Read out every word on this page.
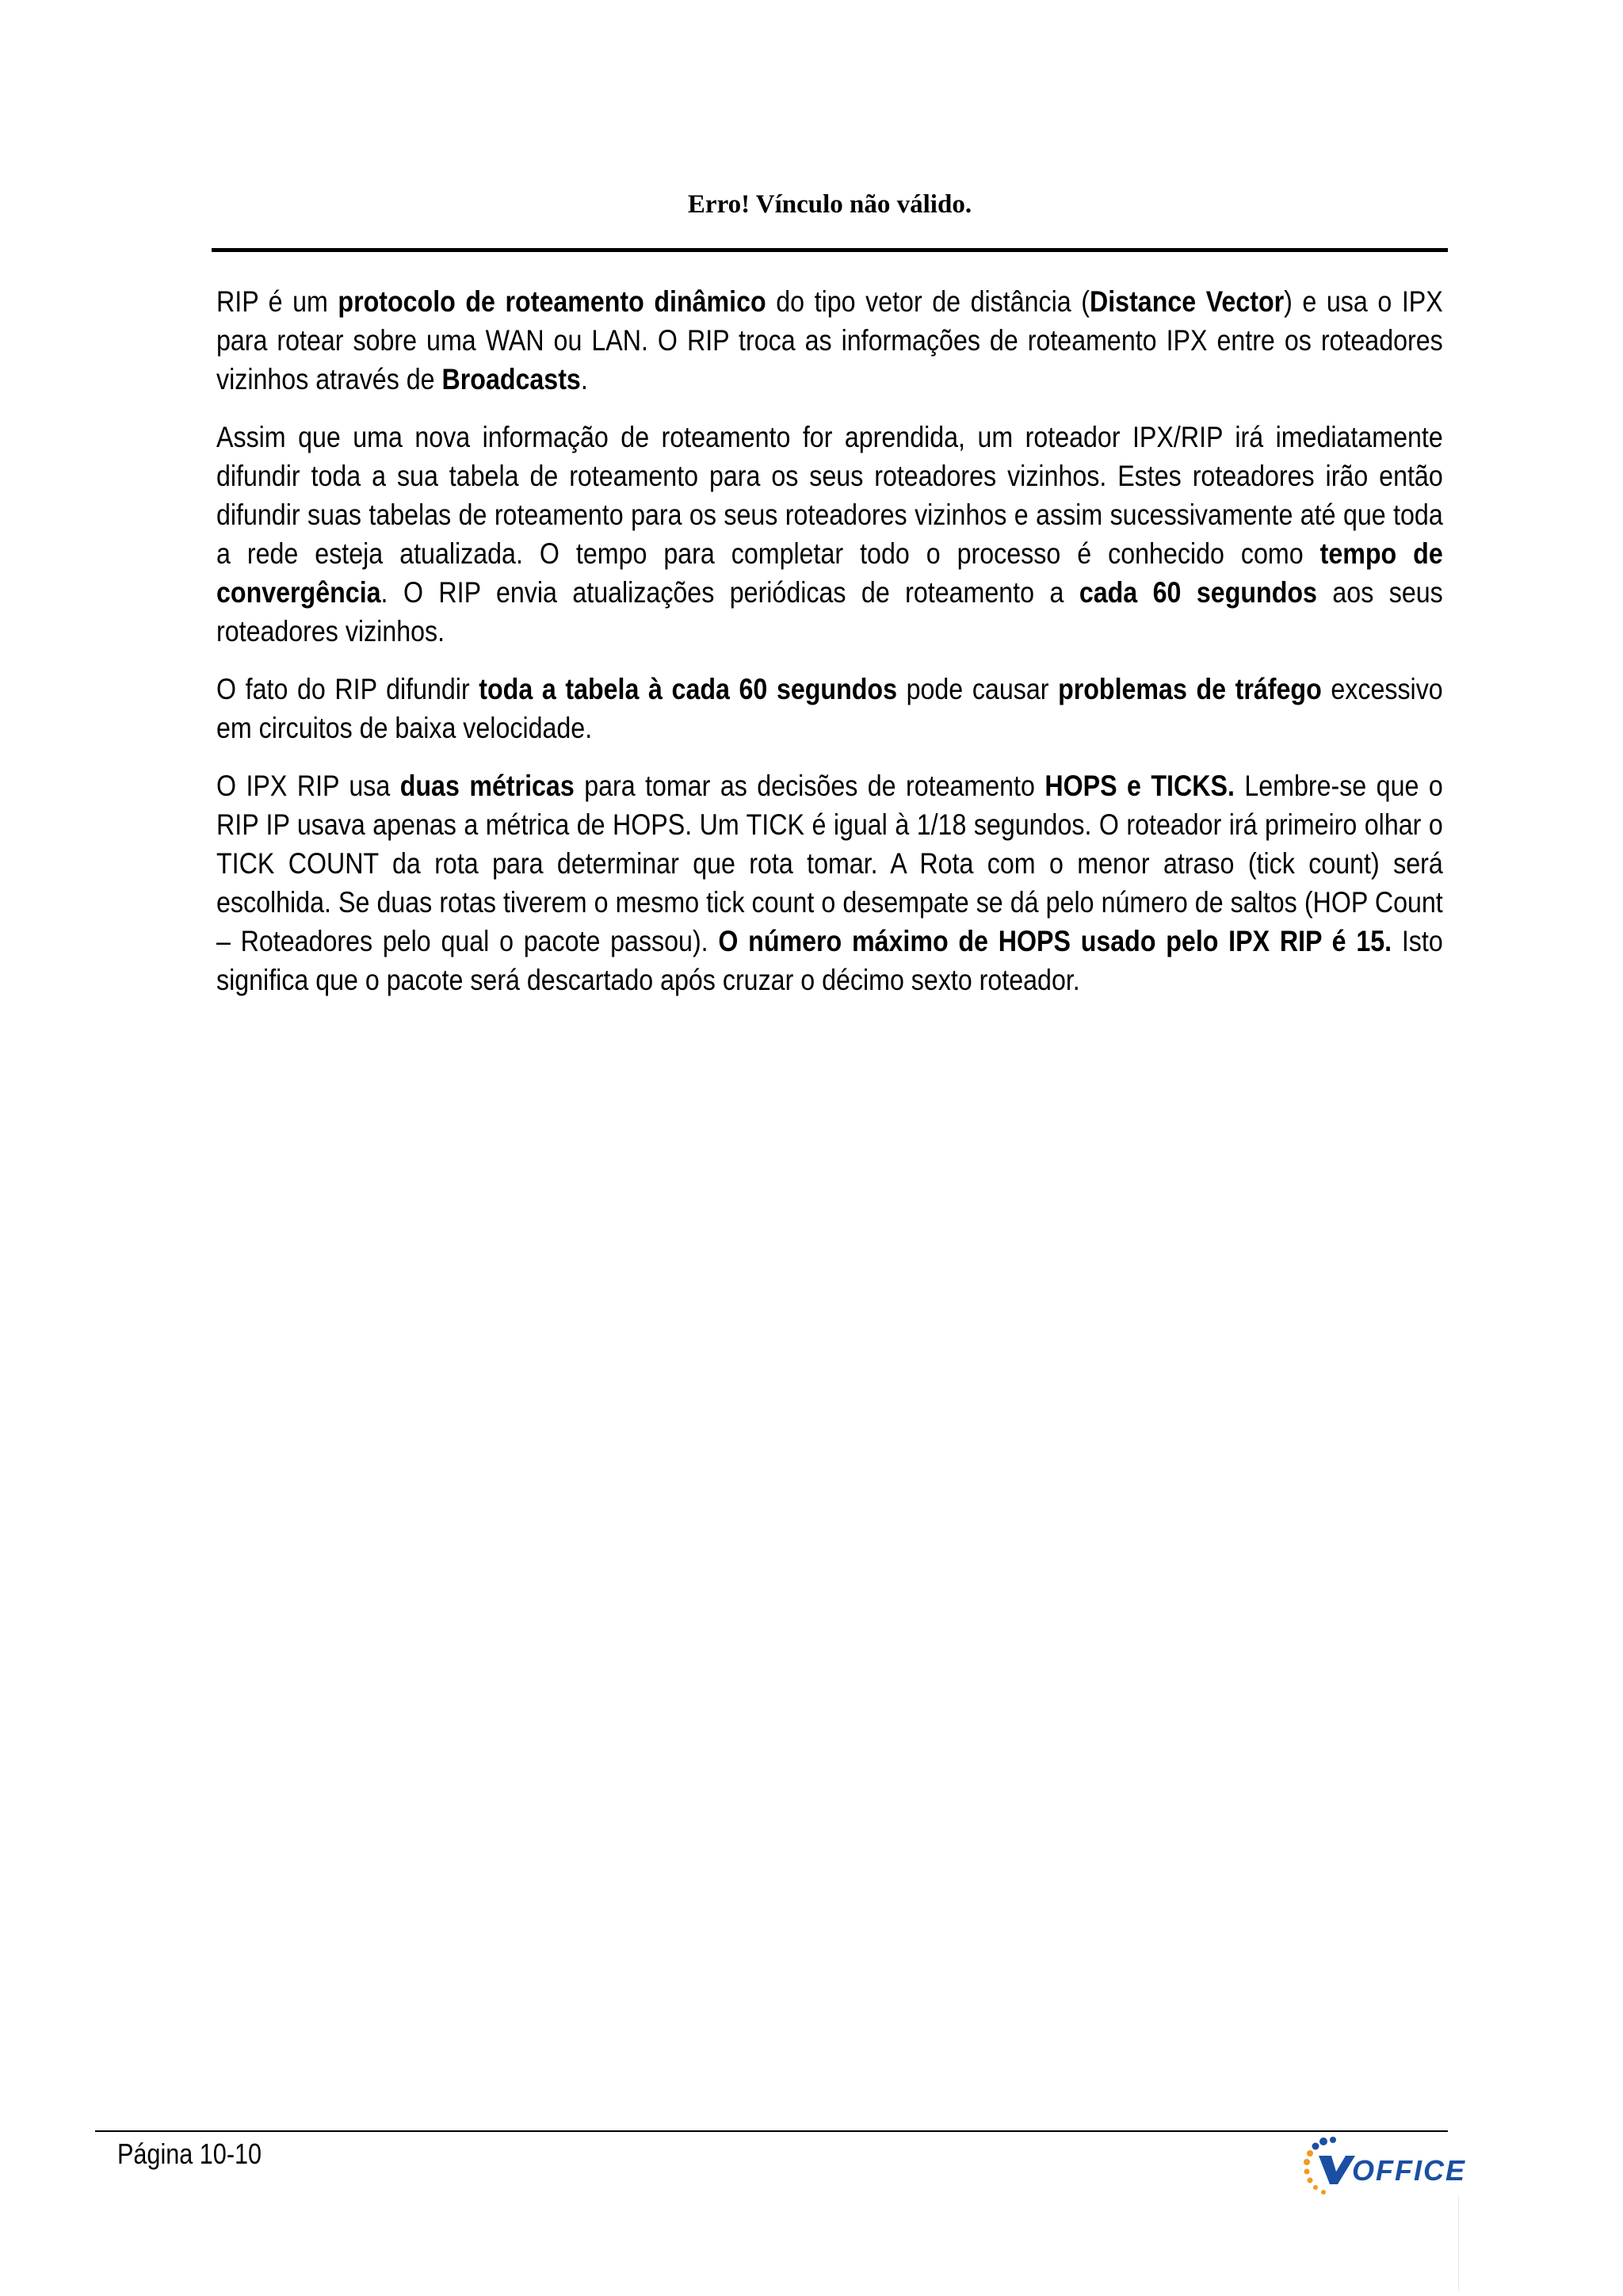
Erro! Vínculo não válido.

RIP é um protocolo de roteamento dinâmico do tipo vetor de distância (Distance Vector) e usa o IPX para rotear sobre uma WAN ou LAN. O RIP troca as informações de roteamento IPX entre os roteadores vizinhos através de Broadcasts.

Assim que uma nova informação de roteamento for aprendida, um roteador IPX/RIP irá imediatamente difundir toda a sua tabela de roteamento para os seus roteadores vizinhos. Estes roteadores irão então difundir suas tabelas de roteamento para os seus roteadores vizinhos e assim sucessivamente até que toda a rede esteja atualizada. O tempo para completar todo o processo é conhecido como tempo de convergência. O RIP envia atualizações periódicas de roteamento a cada 60 segundos aos seus roteadores vizinhos.

O fato do RIP difundir toda a tabela à cada 60 segundos pode causar problemas de tráfego excessivo em circuitos de baixa velocidade.

O IPX RIP usa duas métricas para tomar as decisões de roteamento HOPS e TICKS. Lembre-se que o RIP IP usava apenas a métrica de HOPS. Um TICK é igual à 1/18 segundos. O roteador irá primeiro olhar o TICK COUNT da rota para determinar que rota tomar. A Rota com o menor atraso (tick count) será escolhida. Se duas rotas tiverem o mesmo tick count o desempate se dá pelo número de saltos (HOP Count – Roteadores pelo qual o pacote passou). O número máximo de HOPS usado pelo IPX RIP é 15. Isto significa que o pacote será descartado após cruzar o décimo sexto roteador.

Página 10-10
OFFICE
